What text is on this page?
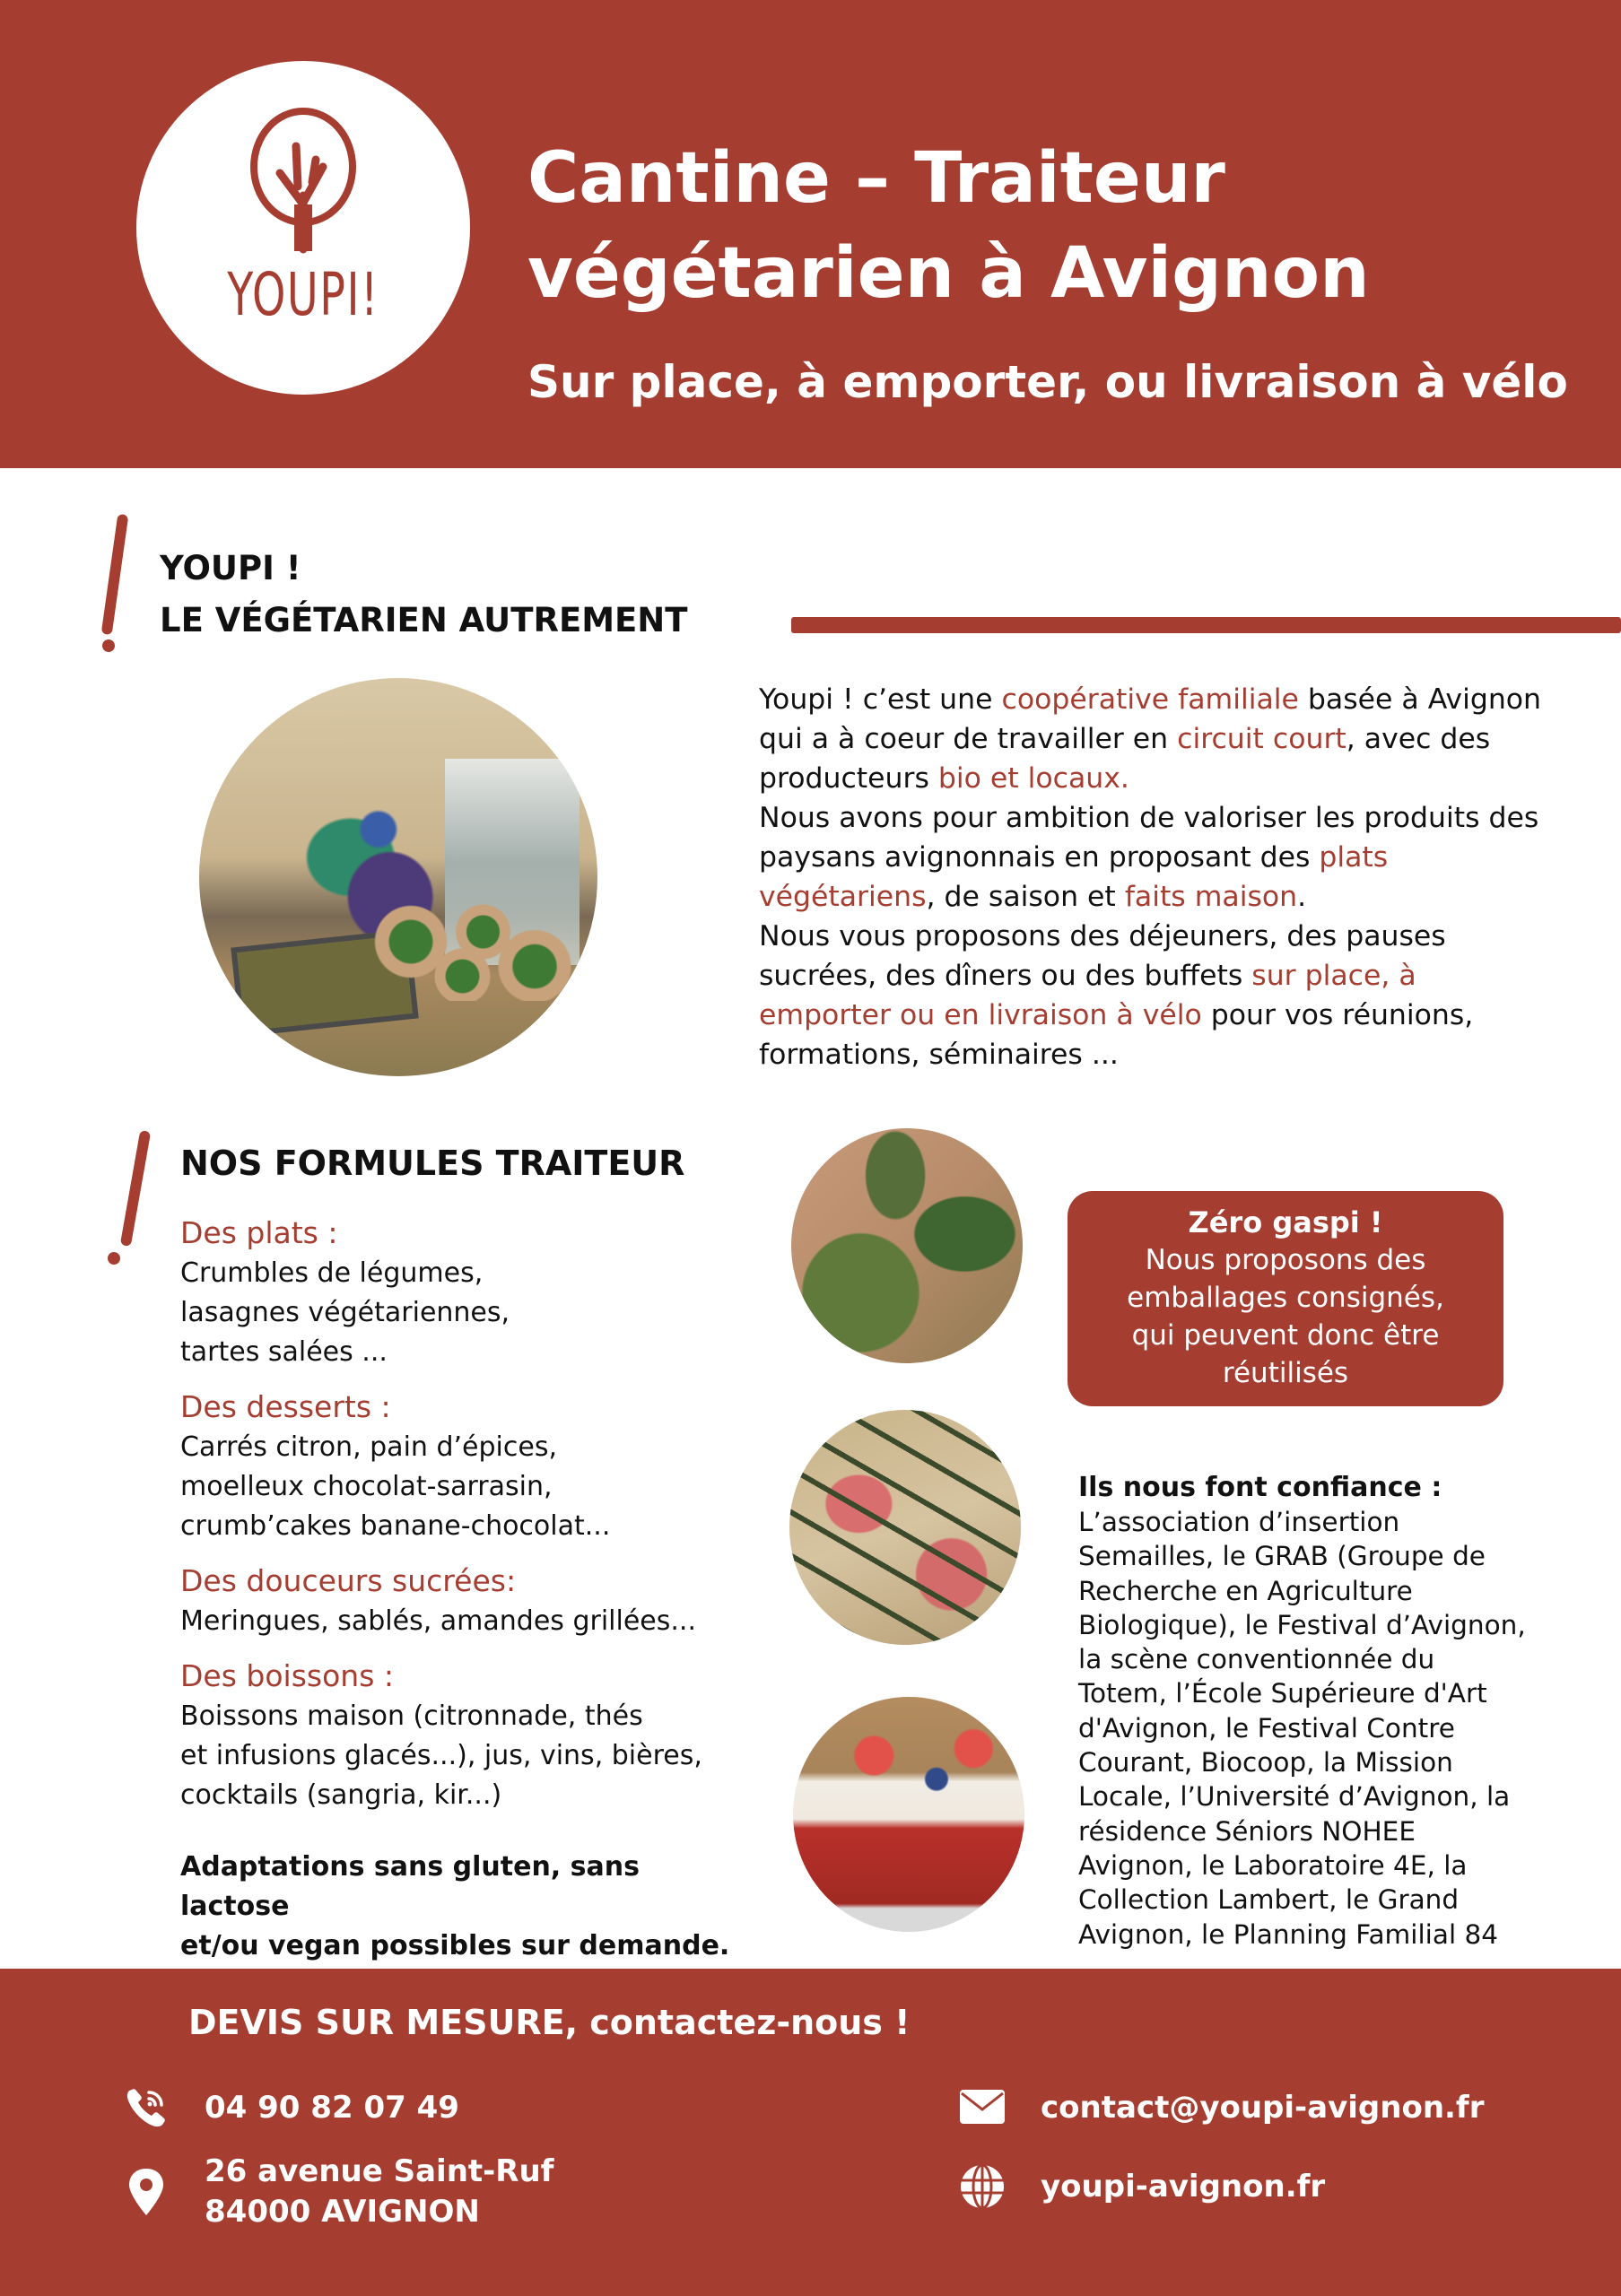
YOUPI!
Cantine – Traiteur
végétarien à Avignon
Sur place, à emporter, ou livraison à vélo
YOUPI !
LE VÉGÉTARIEN AUTREMENT
Youpi ! c’est une coopérative familiale basée à Avignon qui a à coeur de travailler en circuit court, avec des producteurs bio et locaux.
Nous avons pour ambition de valoriser les produits des paysans avignonnais en proposant des plats végétariens, de saison et faits maison.
Nous vous proposons des déjeuners, des pauses sucrées, des dîners ou des buffets sur place, à emporter ou en livraison à vélo pour vos réunions, formations, séminaires ...
NOS FORMULES TRAITEUR
Des plats :
Crumbles de légumes,
lasagnes végétariennes,
tartes salées ...
Des desserts :
Carrés citron, pain d’épices,
moelleux chocolat-sarrasin,
crumb’cakes banane-chocolat...
Des douceurs sucrées:
Meringues, sablés, amandes grillées...
Des boissons :
Boissons maison (citronnade, thés
et infusions glacés...), jus, vins, bières,
cocktails (sangria, kir...)
Adaptations sans gluten, sans lactose
et/ou vegan possibles sur demande.
Zéro gaspi !
Nous proposons des
emballages consignés,
qui peuvent donc être
réutilisés
Ils nous font confiance :
L’association d’insertion
Semailles, le GRAB (Groupe de
Recherche en Agriculture
Biologique), le Festival d’Avignon,
la scène conventionnée du
Totem, l’École Supérieure d'Art
d'Avignon, le Festival Contre
Courant, Biocoop, la Mission
Locale, l’Université d’Avignon, la
résidence Séniors NOHEE
Avignon, le Laboratoire 4E, la
Collection Lambert, le Grand
Avignon, le Planning Familial 84
DEVIS SUR MESURE, contactez-nous !
04 90 82 07 49
26 avenue Saint-Ruf
84000 AVIGNON
contact@youpi-avignon.fr
youpi-avignon.fr
